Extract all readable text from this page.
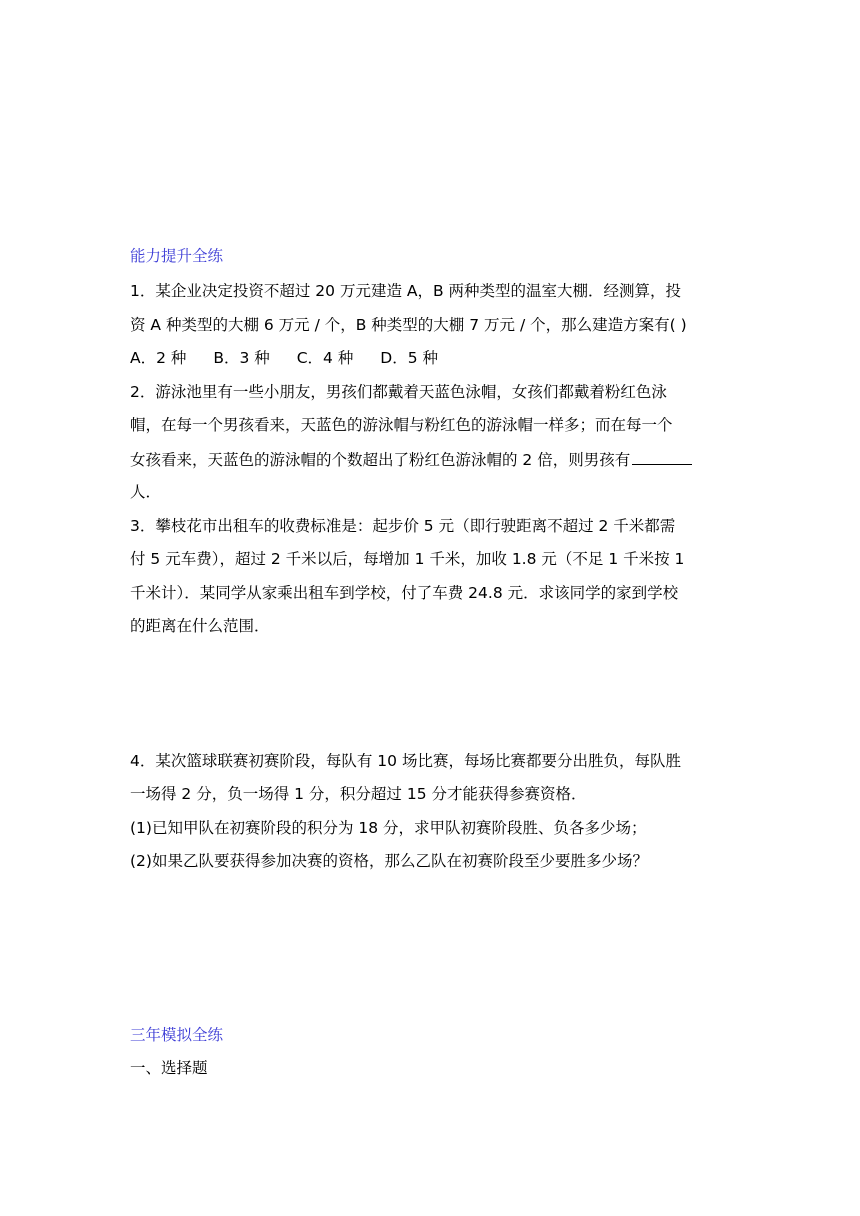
能力提升全练
1．某企业决定投资不超过 20 万元建造 A，B 两种类型的温室大棚．经测算，投
资 A 种类型的大棚 6 万元 / 个，B 种类型的大棚 7 万元 / 个，那么建造方案有( )
A．2 种 B．3 种 C．4 种 D．5 种
2．游泳池里有一些小朋友，男孩们都戴着天蓝色泳帽，女孩们都戴着粉红色泳
帽，在每一个男孩看来，天蓝色的游泳帽与粉红色的游泳帽一样多；而在每一个
女孩看来，天蓝色的游泳帽的个数超出了粉红色游泳帽的 2 倍，则男孩有
人．
3．攀枝花市出租车的收费标准是：起步价 5 元（即行驶距离不超过 2 千米都需
付 5 元车费），超过 2 千米以后，每增加 1 千米，加收 1.8 元（不足 1 千米按 1
千米计）．某同学从家乘出租车到学校，付了车费 24.8 元．求该同学的家到学校
的距离在什么范围．
4．某次篮球联赛初赛阶段，每队有 10 场比赛，每场比赛都要分出胜负，每队胜
一场得 2 分，负一场得 1 分，积分超过 15 分才能获得参赛资格．
(1)已知甲队在初赛阶段的积分为 18 分，求甲队初赛阶段胜、负各多少场；
(2)如果乙队要获得参加决赛的资格，那么乙队在初赛阶段至少要胜多少场？
三年模拟全练
一、选择题
